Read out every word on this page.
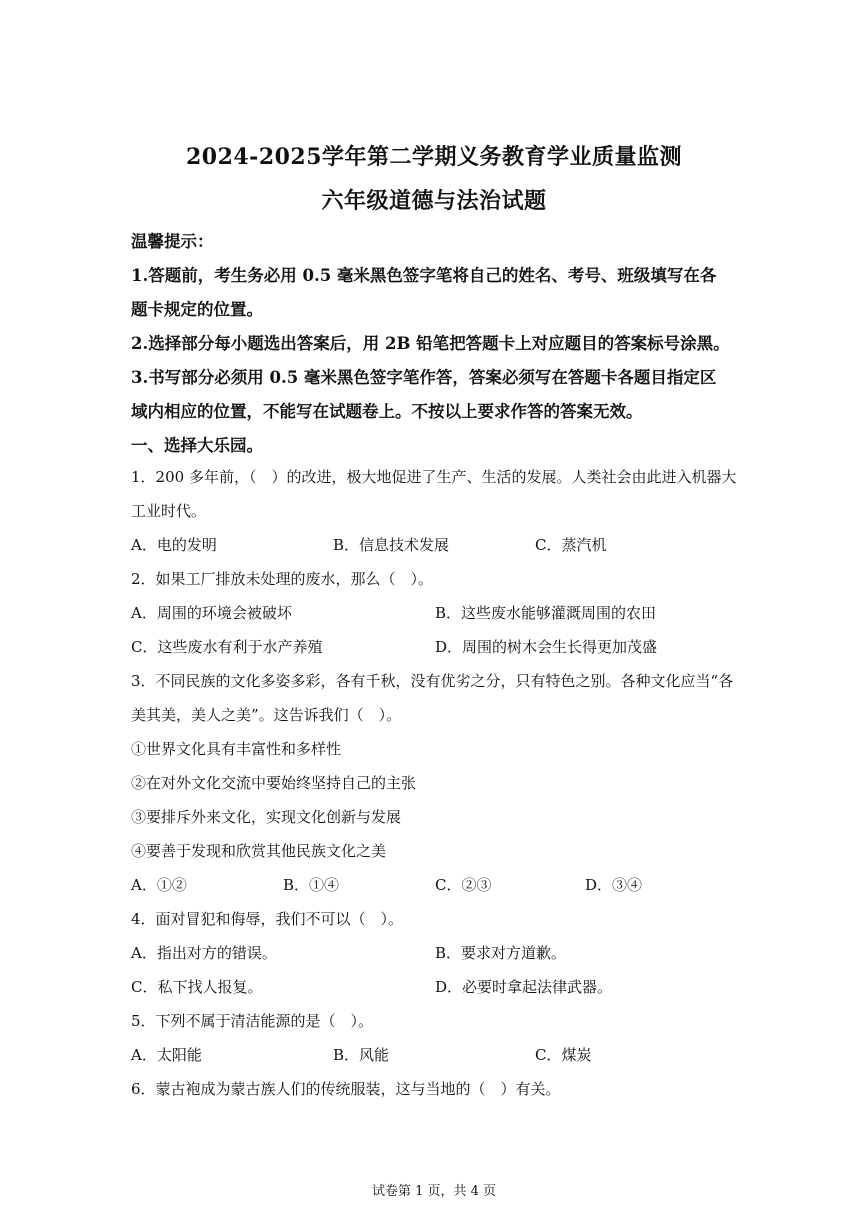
2024-2025学年第二学期义务教育学业质量监测
六年级道德与法治试题
温馨提示：
1.答题前，考生务必用 0.5 毫米黑色签字笔将自己的姓名、考号、班级填写在各
题卡规定的位置。
2.选择部分每小题选出答案后，用 2B 铅笔把答题卡上对应题目的答案标号涂黑。
3.书写部分必须用 0.5 毫米黑色签字笔作答，答案必须写在答题卡各题目指定区
域内相应的位置，不能写在试题卷上。不按以上要求作答的答案无效。
一、选择大乐园。
1．200 多年前，（　）的改进，极大地促进了生产、生活的发展。人类社会由此进入机器大
工业时代。
A．电的发明	B．信息技术发展	C．蒸汽机
2．如果工厂排放未处理的废水，那么（　）。
A．周围的环境会被破坏	B．这些废水能够灌溉周围的农田
C．这些废水有利于水产养殖	D．周围的树木会生长得更加茂盛
3．不同民族的文化多姿多彩，各有千秋，没有优劣之分，只有特色之别。各种文化应当“各
美其美，美人之美”。这告诉我们（　）。
①世界文化具有丰富性和多样性
②在对外文化交流中要始终坚持自己的主张
③要排斥外来文化，实现文化创新与发展
④要善于发现和欣赏其他民族文化之美
A．①②	B．①④	C．②③	D．③④
4．面对冒犯和侮辱，我们不可以（　）。
A．指出对方的错误。	B．要求对方道歉。
C．私下找人报复。	D．必要时拿起法律武器。
5．下列不属于清洁能源的是（　）。
A．太阳能	B．风能	C．煤炭
6．蒙古袍成为蒙古族人们的传统服装，这与当地的（　）有关。
试卷第 1 页，共 4 页
